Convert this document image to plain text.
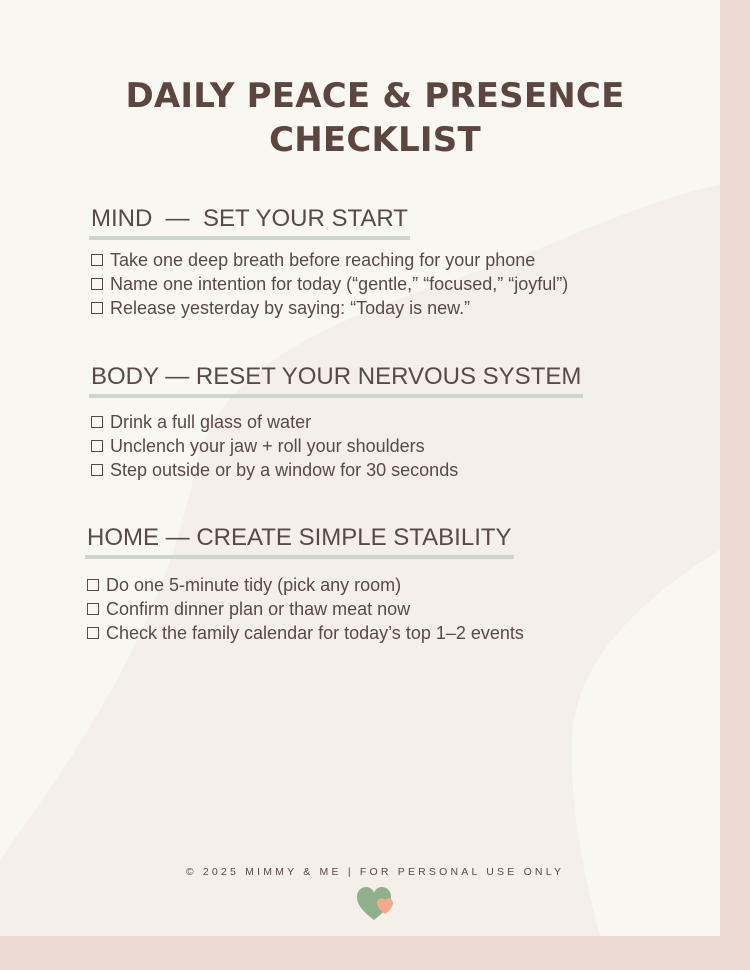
DAILY PEACE & PRESENCE
CHECKLIST
MIND  —  SET YOUR START
Take one deep breath before reaching for your phone
Name one intention for today (“gentle,” “focused,” “joyful”)
Release yesterday by saying: “Today is new.”
BODY — RESET YOUR NERVOUS SYSTEM
Drink a full glass of water
Unclench your jaw + roll your shoulders
Step outside or by a window for 30 seconds
HOME — CREATE SIMPLE STABILITY
Do one 5-minute tidy (pick any room)
Confirm dinner plan or thaw meat now
Check the family calendar for today’s top 1–2 events
© 2025 MIMMY & ME | FOR PERSONAL USE ONLY
